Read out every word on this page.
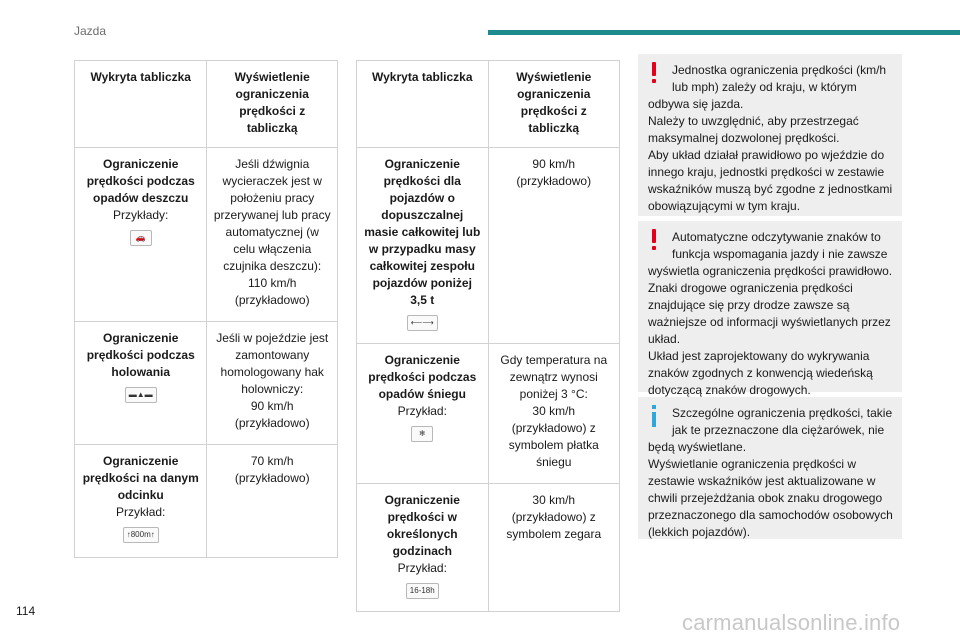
Jazda
Wykryta tabliczka	Wyświetlenie ograniczenia prędkości z tabliczką

Ograniczenie prędkości podczas opadów deszczu
Przykłady:
🚗	Jeśli dźwignia wycieraczek jest w położeniu pracy przerywanej lub pracy automatycznej (w celu włączenia czujnika deszczu):
110 km/h
(przykładowo)

Ograniczenie prędkości podczas holowania
▬▲▬	Jeśli w pojeździe jest zamontowany homologowany hak holowniczy:
90 km/h
(przykładowo)

Ograniczenie prędkości na danym odcinku
Przykład:
↑800m↑	70 km/h
(przykładowo)
Wykryta tabliczka	Wyświetlenie ograniczenia prędkości z tabliczką

Ograniczenie prędkości dla pojazdów o dopuszczalnej masie całkowitej lub w przypadku masy całkowitej zespołu pojazdów poniżej 3,5 t
⟵⟶	90 km/h
(przykładowo)

Ograniczenie prędkości podczas opadów śniegu
Przykład:
❄	Gdy temperatura na zewnątrz wynosi poniżej 3 °C:
30 km/h
(przykładowo) z symbolem płatka śniegu

Ograniczenie prędkości w określonych godzinach
Przykład:
16-18h	30 km/h
(przykładowo) z symbolem zegara
Jednostka ograniczenia prędkości (km/h lub mph) zależy od kraju, w którym
odbywa się jazda.
Należy to uwzględnić, aby przestrzegać maksymalnej dozwolonej prędkości.
Aby układ działał prawidłowo po wjeździe do innego kraju, jednostki prędkości w zestawie wskaźników muszą być zgodne z jednostkami obowiązującymi w tym kraju.
Automatyczne odczytywanie znaków to funkcja wspomagania jazdy i nie zawsze
wyświetla ograniczenia prędkości prawidłowo.
Znaki drogowe ograniczenia prędkości znajdujące się przy drodze zawsze są ważniejsze od informacji wyświetlanych przez układ.
Układ jest zaprojektowany do wykrywania znaków zgodnych z konwencją wiedeńską dotyczącą znaków drogowych.
Szczególne ograniczenia prędkości, takie jak te przeznaczone dla ciężarówek, nie
będą wyświetlane.
Wyświetlanie ograniczenia prędkości w zestawie wskaźników jest aktualizowane w chwili przejeżdżania obok znaku drogowego przeznaczonego dla samochodów osobowych (lekkich pojazdów).
114	carmanualsonline.info
